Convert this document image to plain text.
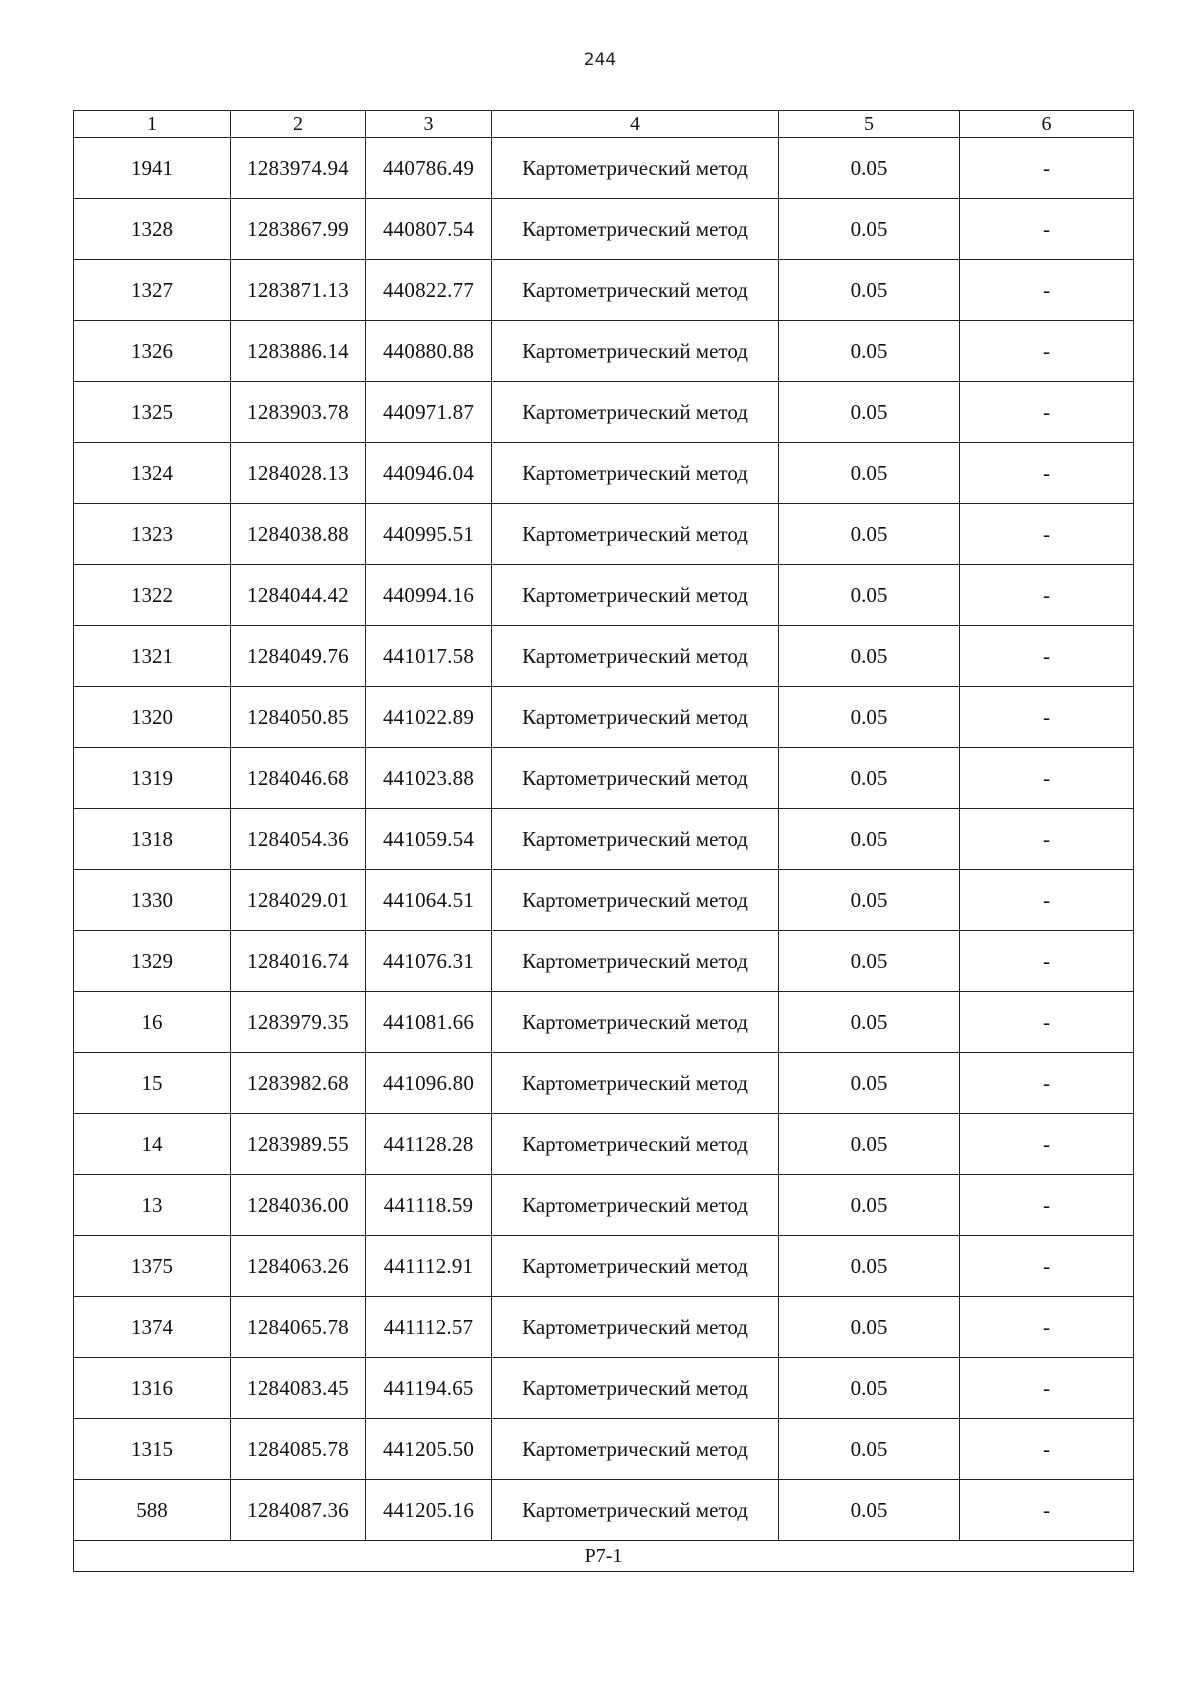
244
1	2	3	4	5	6
1941	1283974.94	440786.49	Картометрический метод	0.05	-
1328	1283867.99	440807.54	Картометрический метод	0.05	-
1327	1283871.13	440822.77	Картометрический метод	0.05	-
1326	1283886.14	440880.88	Картометрический метод	0.05	-
1325	1283903.78	440971.87	Картометрический метод	0.05	-
1324	1284028.13	440946.04	Картометрический метод	0.05	-
1323	1284038.88	440995.51	Картометрический метод	0.05	-
1322	1284044.42	440994.16	Картометрический метод	0.05	-
1321	1284049.76	441017.58	Картометрический метод	0.05	-
1320	1284050.85	441022.89	Картометрический метод	0.05	-
1319	1284046.68	441023.88	Картометрический метод	0.05	-
1318	1284054.36	441059.54	Картометрический метод	0.05	-
1330	1284029.01	441064.51	Картометрический метод	0.05	-
1329	1284016.74	441076.31	Картометрический метод	0.05	-
16	1283979.35	441081.66	Картометрический метод	0.05	-
15	1283982.68	441096.80	Картометрический метод	0.05	-
14	1283989.55	441128.28	Картометрический метод	0.05	-
13	1284036.00	441118.59	Картометрический метод	0.05	-
1375	1284063.26	441112.91	Картометрический метод	0.05	-
1374	1284065.78	441112.57	Картометрический метод	0.05	-
1316	1284083.45	441194.65	Картометрический метод	0.05	-
1315	1284085.78	441205.50	Картометрический метод	0.05	-
588	1284087.36	441205.16	Картометрический метод	0.05	-
Р7-1					
